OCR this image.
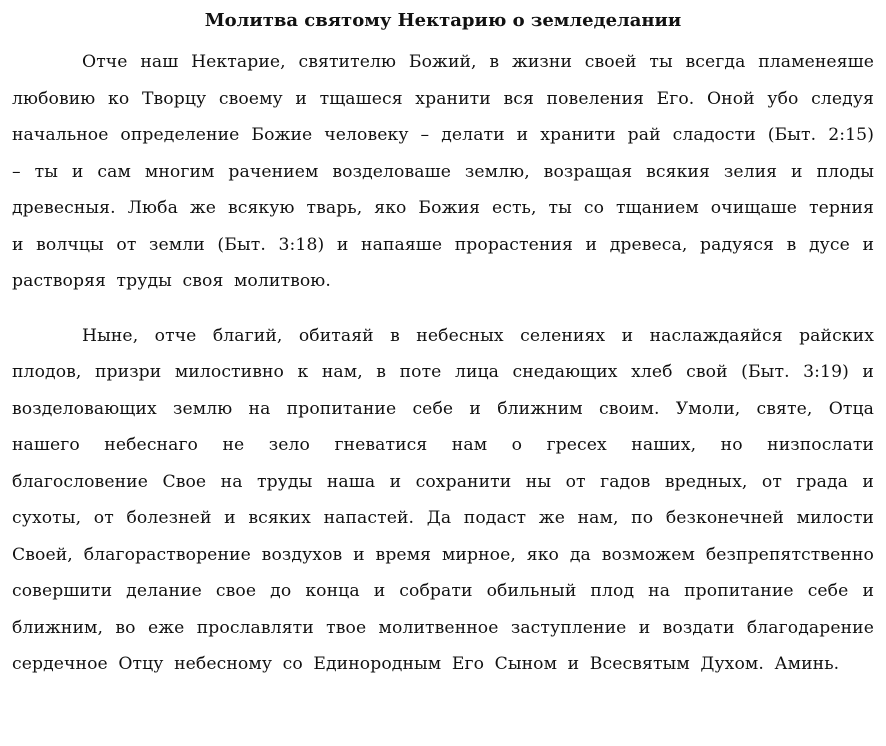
Молитва святому Нектарию о земледелании

Отче наш Нектарие, святителю Божий, в жизни своей ты всегда пламенеяше любовию ко Творцу своему и тщашеся хранити вся повеления Его. Оной убо следуя начальное определение Божие человеку – делати и хранити рай сладости (Быт. 2:15) – ты и сам многим рачением возделоваше землю, возращая всякия зелия и плоды древесныя. Люба же всякую тварь, яко Божия есть, ты со тщанием очищаше терния и волчцы от земли (Быт. 3:18) и напаяше прорастения и древеса, радуяся в дусе и растворяя труды своя молитвою.

Ныне, отче благий, обитаяй в небесных селениях и наслаждаяйся райских плодов, призри милостивно к нам, в поте лица снедающих хлеб свой (Быт. 3:19) и возделовающих землю на пропитание себе и ближним своим. Умоли, святе, Отца нашего небеснаго не зело гневатися нам о гресех наших, но низпослати благословение Свое на труды наша и сохранити ны от гадов вредных, от града и сухоты, от болезней и всяких напастей. Да подаст же нам, по безконечней милости Своей, благорастворение воздухов и время мирное, яко да возможем безпрепятственно совершити делание свое до конца и собрати обильный плод на пропитание себе и ближним, во еже прославляти твое молитвенное заступление и воздати благодарение сердечное Отцу небесному со Единородным Его Сыном и Всесвятым Духом. Аминь.
